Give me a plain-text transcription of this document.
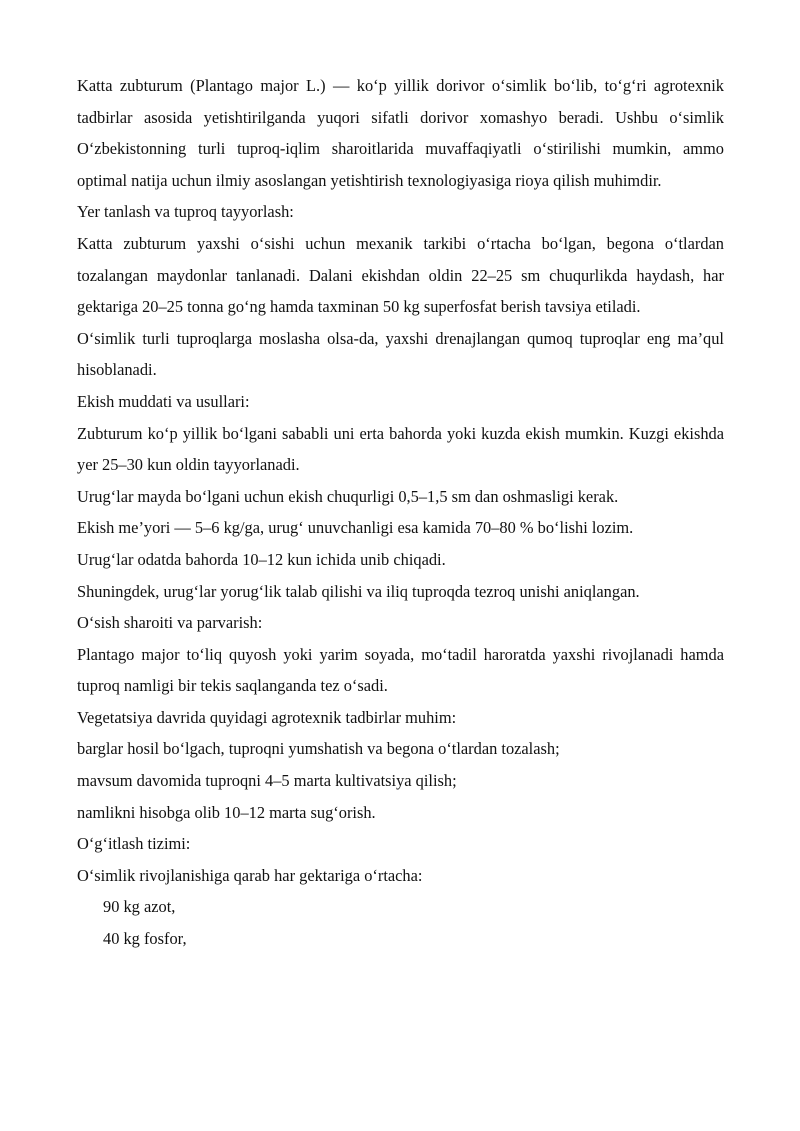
Katta zubturum (Plantago major L.) — ko‘p yillik dorivor o‘simlik bo‘lib, to‘g‘ri agrotexnik tadbirlar asosida yetishtirilganda yuqori sifatli dorivor xomashyo beradi. Ushbu o‘simlik O‘zbekistonning turli tuproq-iqlim sharoitlarida muvaffaqiyatli o‘stirilishi mumkin, ammo optimal natija uchun ilmiy asoslangan yetishtirish texnologiyasiga rioya qilish muhimdir.

Yer tanlash va tuproq tayyorlash:

Katta zubturum yaxshi o‘sishi uchun mexanik tarkibi o‘rtacha bo‘lgan, begona o‘tlardan tozalangan maydonlar tanlanadi. Dalani ekishdan oldin 22–25 sm chuqurlikda haydash, har gektariga 20–25 tonna go‘ng hamda taxminan 50 kg superfosfat berish tavsiya etiladi.

O‘simlik turli tuproqlarga moslasha olsa-da, yaxshi drenajlangan qumoq tuproqlar eng ma’qul hisoblanadi.

Ekish muddati va usullari:

Zubturum ko‘p yillik bo‘lgani sababli uni erta bahorda yoki kuzda ekish mumkin. Kuzgi ekishda yer 25–30 kun oldin tayyorlanadi.

Urug‘lar mayda bo‘lgani uchun ekish chuqurligi 0,5–1,5 sm dan oshmasligi kerak.

Ekish me’yori — 5–6 kg/ga, urug‘ unuvchanligi esa kamida 70–80 % bo‘lishi lozim.

Urug‘lar odatda bahorda 10–12 kun ichida unib chiqadi.

Shuningdek, urug‘lar yorug‘lik talab qilishi va iliq tuproqda tezroq unishi aniqlangan.

O‘sish sharoiti va parvarish:

Plantago major to‘liq quyosh yoki yarim soyada, mo‘tadil haroratda yaxshi rivojlanadi hamda tuproq namligi bir tekis saqlanganda tez o‘sadi.

Vegetatsiya davrida quyidagi agrotexnik tadbirlar muhim:

barglar hosil bo‘lgach, tuproqni yumshatish va begona o‘tlardan tozalash;

mavsum davomida tuproqni 4–5 marta kultivatsiya qilish;

namlikni hisobga olib 10–12 marta sug‘orish.

O‘g‘itlash tizimi:

O‘simlik rivojlanishiga qarab har gektariga o‘rtacha:

90 kg azot,

40 kg fosfor,
